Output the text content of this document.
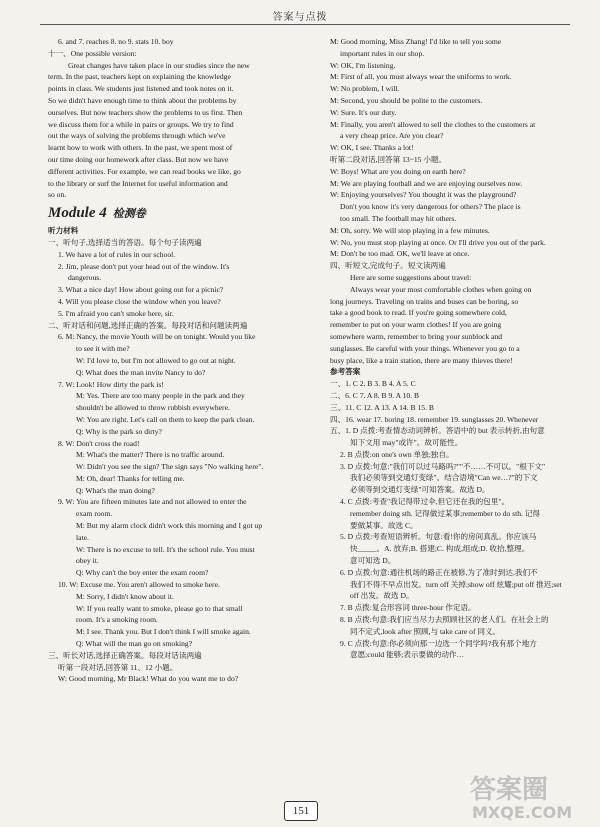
答案与点拨
6. and 7. reaches 8. no 9. stats 10. boy
十一、One possible version:
Great changes have taken place in our studies since the new
term. In the past, teachers kept on explaining the knowledge
points in class. We students just listened and took notes on it.
So we didn't have enough time to think about the problems by
ourselves. But now teachers show the problems to us first. Then
we discuss them for a while in pairs or groups. We try to find
out the ways of solving the problems through which we've
learnt how to work with others. In the past, we spent most of
our time doing our homework after class. But now we have
different activities. For example, we can read books we like, go
to the library or surf the Internet for useful information and
so on.
Module 4 检测卷
听力材料
一、听句子,选择适当的答语。每个句子读两遍
1. We have a lot of rules in our school.
2. Jim, please don't put your head out of the window. It's
dangerous.
3. What a nice day! How about going out for a picnic?
4. Will you please close the window when you leave?
5. I'm afraid you can't smoke here, sir.
二、听对话和问题,选择正确的答案。每段对话和问题读两遍
6. M: Nancy, the movie Youth will be on tonight. Would you like
to see it with me?
W: I'd love to, but I'm not allowed to go out at night.
Q: What does the man invite Nancy to do?
7. W: Look! How dirty the park is!
M: Yes. There are too many people in the park and they
shouldn't be allowed to throw rubbish everywhere.
W: You are right. Let's call on them to keep the park clean.
Q: Why is the park so dirty?
8. W: Don't cross the road!
M: What's the matter? There is no traffic around.
W: Didn't you see the sign? The sign says "No walking here".
M: Oh, dear! Thanks for telling me.
Q: What's the man doing?
9. W: You are fifteen minutes late and not allowed to enter the
exam room.
M: But my alarm clock didn't work this morning and I got up
late.
W: There is no excuse to tell. It's the school rule. You must
obey it.
Q: Why can't the boy enter the exam room?
10. W: Excuse me. You aren't allowed to smoke here.
M: Sorry, I didn't know about it.
W: If you really want to smoke, please go to that small
room. It's a smoking room.
M: I see. Thank you. But I don't think I will smoke again.
Q: What will the man go on smoking?
三、听长对话,选择正确答案。每段对话读两遍
听第一段对话,回答第 11、12 小题。
W: Good morning, Mr Black! What do you want me to do?
M: Good morning, Miss Zhang! I'd like to tell you some
important rules in our shop.
W: OK, I'm listening.
M: First of all, you must always wear the uniforms to work.
W: No problem, I will.
M: Second, you should be polite to the customers.
W: Sure. It's our duty.
M: Finally, you aren't allowed to sell the clothes to the customers at
a very cheap price. Are you clear?
W: OK, I see. Thanks a lot!
听第二段对话,回答第 13~15 小题。
W: Boys! What are you doing on earth here?
M: We are playing football and we are enjoying ourselves now.
W: Enjoying yourselves? You thought it was the playground?
Don't you know it's very dangerous for others? The place is
too small. The football may hit others.
M: Oh, sorry. We will stop playing in a few minutes.
W: No, you must stop playing at once. Or I'll drive you out of the park.
M: Don't be too mad. OK, we'll leave at once.
四、听短文,完成句子。短文读两遍
Here are some suggestions about travel:
Always wear your most comfortable clothes when going on
long journeys. Traveling on trains and buses can be boring, so
take a good book to read. If you're going somewhere cold,
remember to put on your warm clothes! If you are going
somewhere warm, remember to bring your sunblock and
sunglasses. Be careful with your things. Whenever you go to a
busy place, like a train station, there are many thieves there!
参考答案
一、1. C 2. B 3. B 4. A 5. C
二、6. C 7. A 8. B 9. A 10. B
三、11. C 12. A 13. A 14. B 15. B
四、16. wear 17. boring 18. remember 19. sunglasses 20. Whenever
五、1. D 点拨:考查情态动词辨析。答语中的 but 表示转折,由句意
知下文用 may"或许"。故可能性。
2. B 点拨:on one's own 单独;独自。
3. D 点拨:句意:"我们可以过马路吗?""不……不可以。"根下文"
我们必须等到交通灯变绿"。结合语境"Can we…?"的下文
必须等到交通灯变绿"可知答案。故选 D。
4. C 点拨:考查"我记得带过伞,但它还在我的包里"。
remember doing sth. 记得做过某事;remember to do sth. 记得
要做某事。故选 C。
5. D 点拨:考查短语辨析。句意:看!你的房间真乱。你应该马
快_____。A. 放弃;B. 搭建;C. 构成,组成;D. 收拾,整理。
意可知选 D。
6. D 点拨:句意:通往机场的路正在被修,为了准时到达,我们不
我们不得不早点出发。turn off 关掉;show off 炫耀;put off 推迟;set
off 出发。故选 D。
7. B 点拨:复合形容词 three-hour 作定语。
8. B 点拨:句意:我们应当尽力去照顾社区的老人们。在社会上的
同不定式,look after 照顾,与 take care of 同义。
9. C 点拨:句意:你必须向那一边选一个同学吗?我有那个地方
意愿;could 能够;表示要做的动作…
151
答案圈
MXQE.COM
